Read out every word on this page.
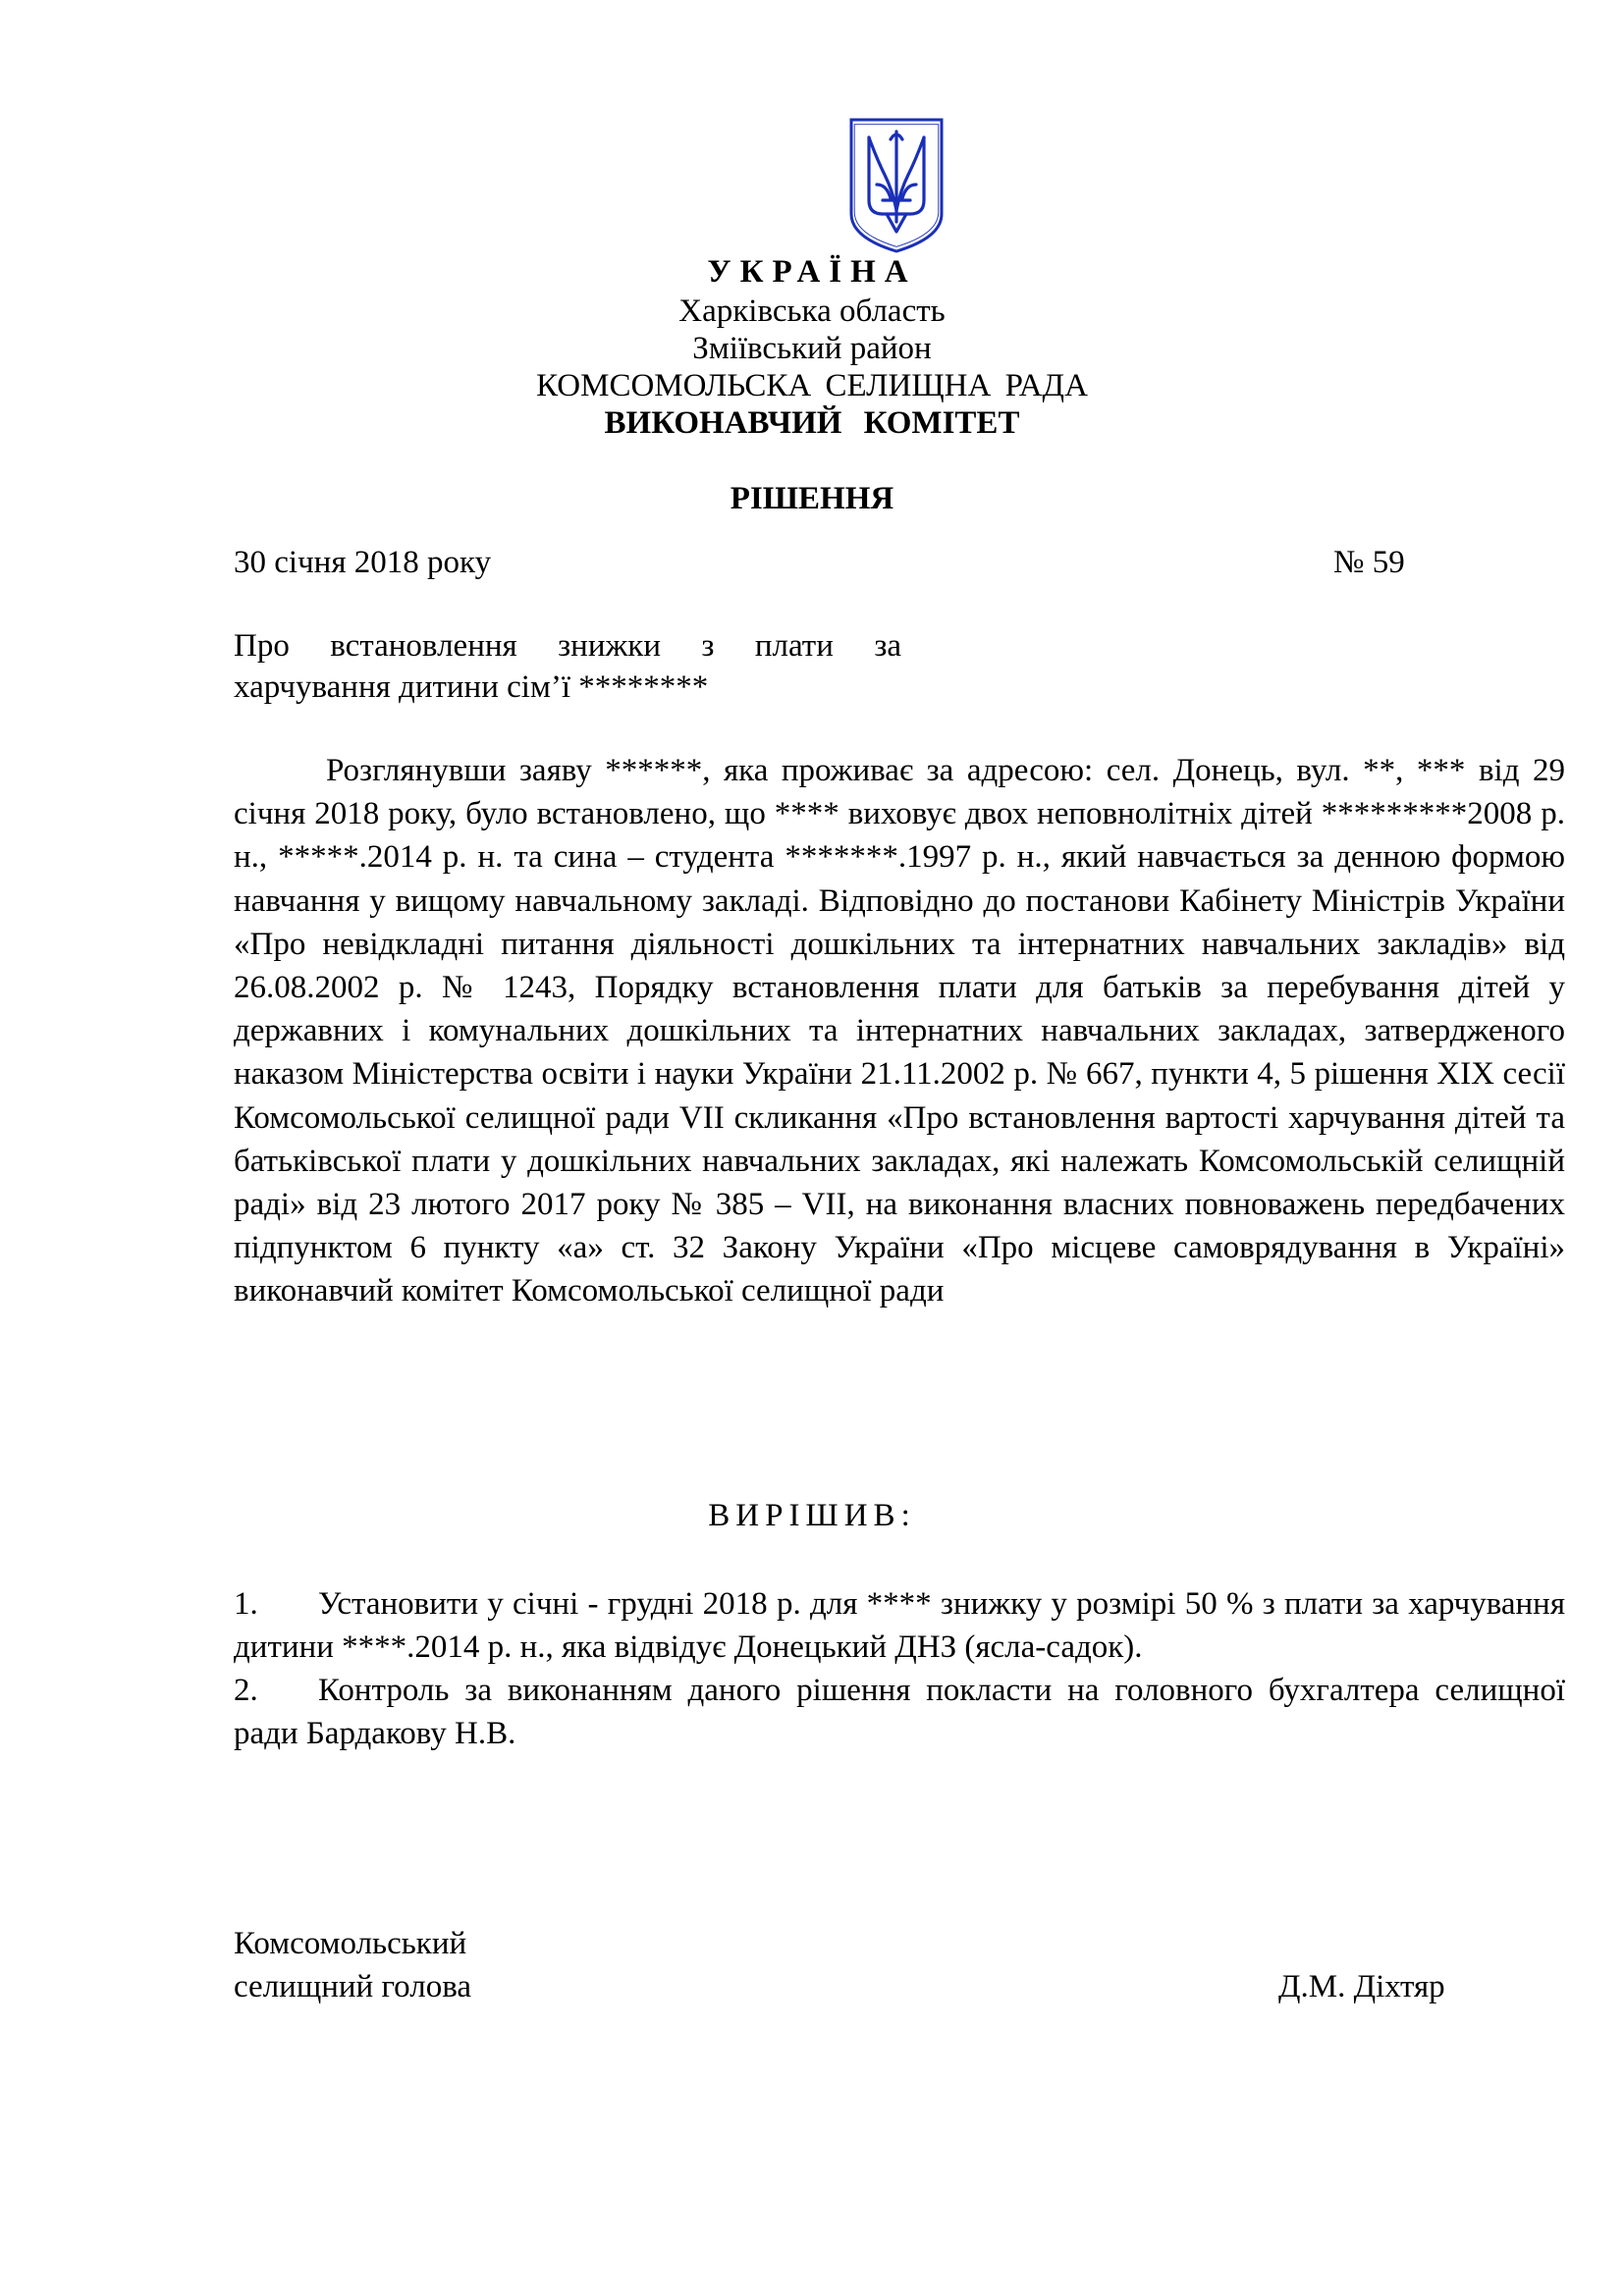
УКРАЇНА
Харківська область
Зміївський район
КОМСОМОЛЬСКА СЕЛИЩНА РАДА
ВИКОНАВЧИЙ КОМІТЕТ
РІШЕННЯ
30 січня 2018 року	№ 59
Про встановлення знижки з плати за
харчування дитини сім’ї ********

Розглянувши заяву ******, яка проживає за адресою: сел. Донець, вул. **, *** від 29 січня 2018 року, було встановлено, що **** виховує двох неповнолітніх дітей *********2008 р. н., *****.2014 р. н. та сина – студента *******.1997 р. н., який навчається за денною формою навчання у вищому навчальному закладі. Відповідно до постанови Кабінету Міністрів України «Про невідкладні питання діяльності дошкільних та інтернатних навчальних закладів» від 26.08.2002 р. № 1243, Порядку встановлення плати для батьків за перебування дітей у державних і комунальних дошкільних та інтернатних навчальних закладах, затвердженого наказом Міністерства освіти і науки України 21.11.2002 р. № 667, пункти 4, 5 рішення XIX сесії Комсомольської селищної ради VII скликання «Про встановлення вартості харчування дітей та батьківської плати у дошкільних навчальних закладах, які належать Комсомольській селищній раді» від 23 лютого 2017 року № 385 – VII, на виконання власних повноважень передбачених підпунктом 6 пункту «а» ст. 32 Закону України «Про місцеве самоврядування в Україні» виконавчий комітет Комсомольської селищної ради

ВИРІШИВ:

1. Установити у січні - грудні 2018 р. для **** знижку у розмірі 50 % з плати за харчування дитини ****.2014 р. н., яка відвідує Донецький ДНЗ (ясла-садок).

2. Контроль за виконанням даного рішення покласти на головного бухгалтера селищної ради Бардакову Н.В.

Комсомольський
селищний голова	Д.М. Діхтяр
